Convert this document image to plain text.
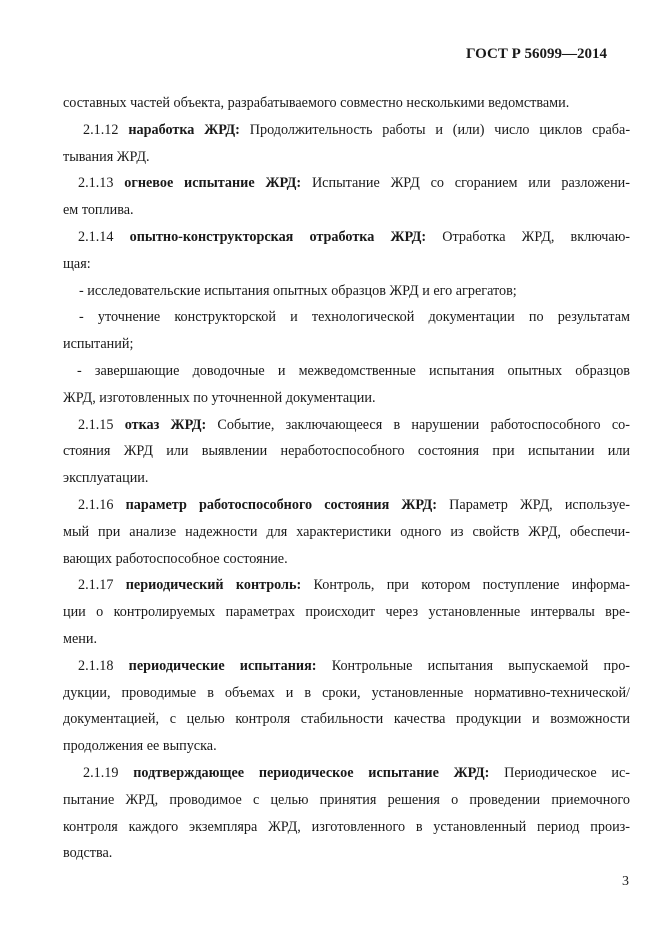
ГОСТ Р 56099—2014
составных частей объекта, разрабатываемого совместно несколькими ведомствами.
2.1.12 наработка ЖРД: Продолжительность работы и (или) число циклов сраба-
тывания ЖРД.
2.1.13 огневое испытание ЖРД: Испытание ЖРД со сгоранием или разложени-
ем топлива.
2.1.14 опытно-конструкторская отработка ЖРД: Отработка ЖРД, включаю-
щая:
- исследовательские испытания опытных образцов ЖРД и его агрегатов;
- уточнение конструкторской и технологической документации по результатам
испытаний;
- завершающие доводочные и межведомственные испытания опытных образцов
ЖРД, изготовленных по уточненной документации.
2.1.15 отказ ЖРД: Событие, заключающееся в нарушении работоспособного со-
стояния ЖРД или выявлении неработоспособного состояния при испытании или
эксплуатации.
2.1.16 параметр работоспособного состояния ЖРД: Параметр ЖРД, используе-
мый при анализе надежности для характеристики одного из свойств ЖРД, обеспечи-
вающих работоспособное состояние.
2.1.17 периодический контроль: Контроль, при котором поступление информа-
ции о контролируемых параметрах происходит через установленные интервалы вре-
мени.
2.1.18 периодические испытания: Контрольные испытания выпускаемой про-
дукции, проводимые в объемах и в сроки, установленные нормативно-технической/
документацией, с целью контроля стабильности качества продукции и возможности
продолжения ее выпуска.
2.1.19 подтверждающее периодическое испытание ЖРД: Периодическое ис-
пытание ЖРД, проводимое с целью принятия решения о проведении приемочного
контроля каждого экземпляра ЖРД, изготовленного в установленный период произ-
водства.
3
